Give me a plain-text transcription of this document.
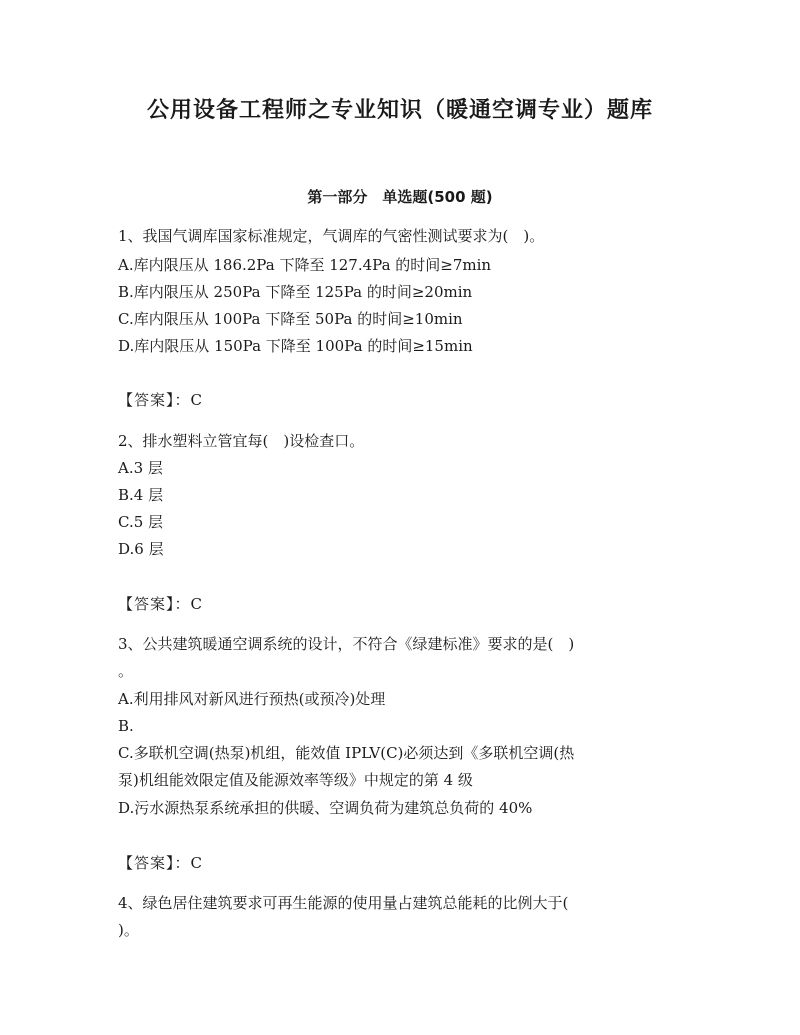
公用设备工程师之专业知识（暖通空调专业）题库
第一部分　单选题(500 题)
1、我国气调库国家标准规定，气调库的气密性测试要求为(　)。
A.库内限压从 186.2Pa 下降至 127.4Pa 的时间≥7min
B.库内限压从 250Pa 下降至 125Pa 的时间≥20min
C.库内限压从 100Pa 下降至 50Pa 的时间≥10min
D.库内限压从 150Pa 下降至 100Pa 的时间≥15min
【答案】：C
2、排水塑料立管宜每(　)设检查口。
A.3 层
B.4 层
C.5 层
D.6 层
【答案】：C
3、公共建筑暖通空调系统的设计，不符合《绿建标准》要求的是(　)
。
A.利用排风对新风进行预热(或预冷)处理
B.
C.多联机空调(热泵)机组，能效值 IPLV(C)必须达到《多联机空调(热
泵)机组能效限定值及能源效率等级》中规定的第 4 级
D.污水源热泵系统承担的供暖、空调负荷为建筑总负荷的 40%
【答案】：C
4、绿色居住建筑要求可再生能源的使用量占建筑总能耗的比例大于(
)。
